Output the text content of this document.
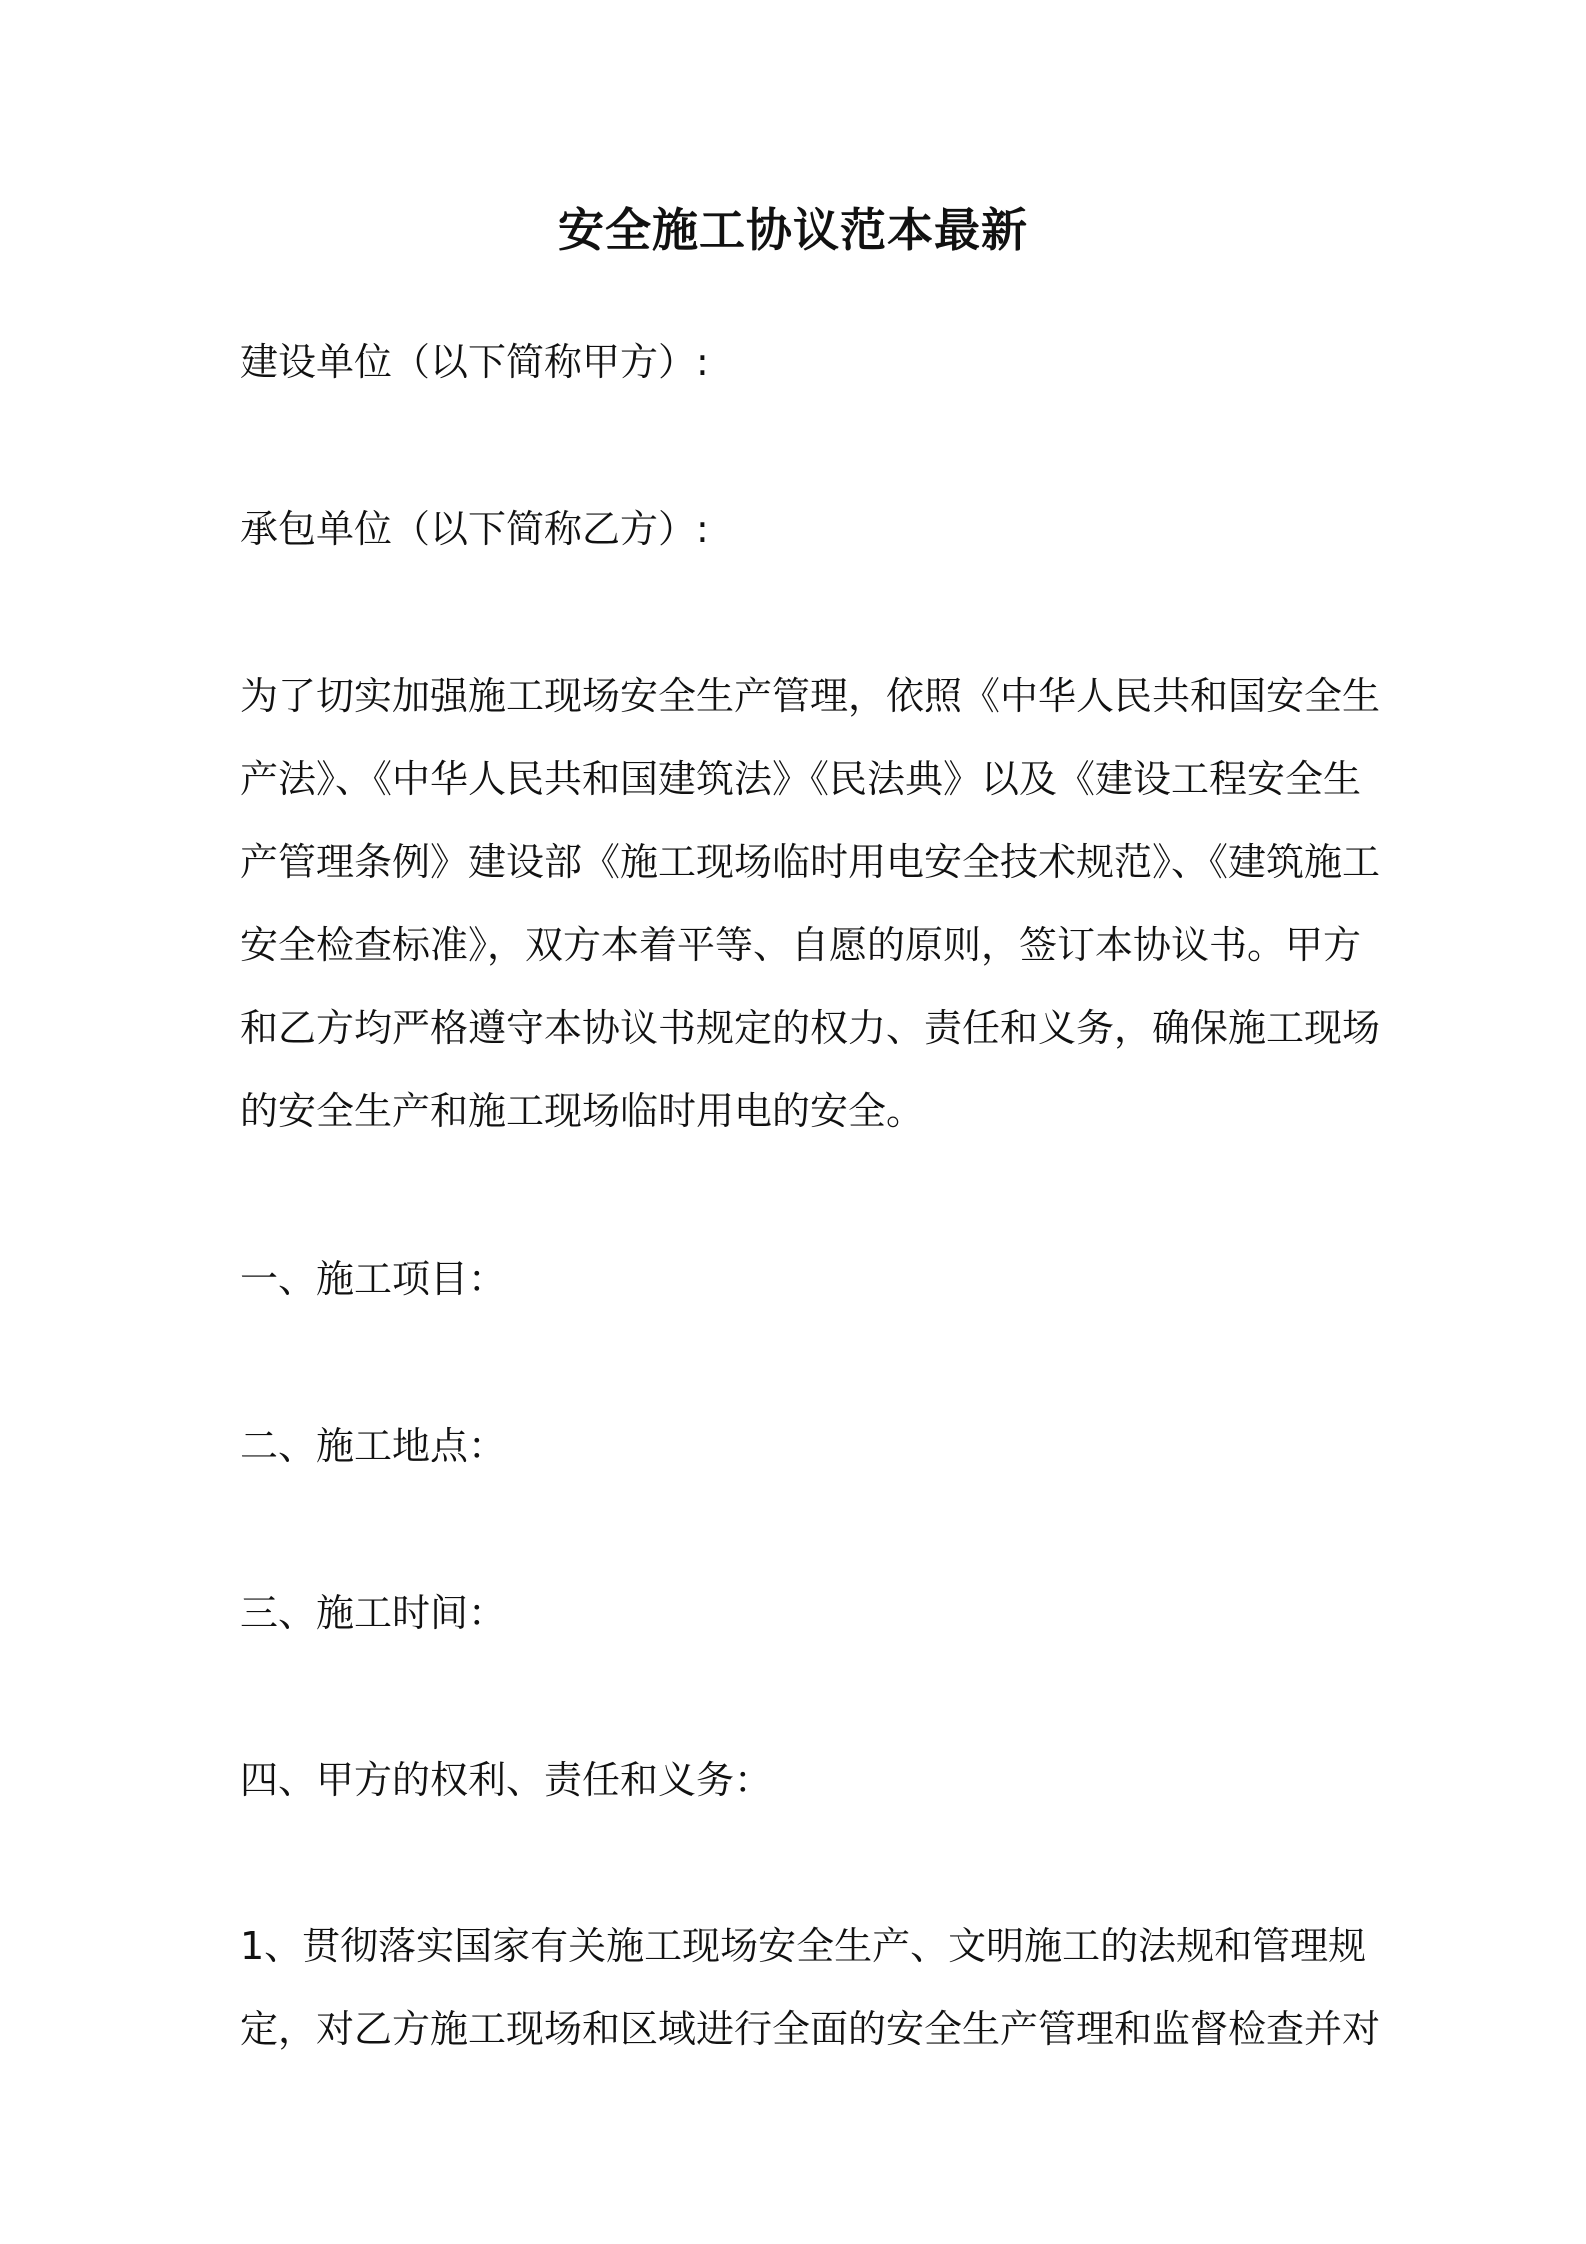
安全施工协议范本最新
建设单位（以下简称甲方）:
承包单位（以下简称乙方）:
为了切实加强施工现场安全生产管理，依照《中华人民共和国安全生
产法》、《中华人民共和国建筑法》《民法典》以及《建设工程安全生
产管理条例》建设部《施工现场临时用电安全技术规范》、《建筑施工
安全检查标准》，双方本着平等、自愿的原则，签订本协议书。甲方
和乙方均严格遵守本协议书规定的权力、责任和义务，确保施工现场
的安全生产和施工现场临时用电的安全。
一、施工项目：
二、施工地点：
三、施工时间：
四、甲方的权利、责任和义务：
1、贯彻落实国家有关施工现场安全生产、文明施工的法规和管理规
定，对乙方施工现场和区域进行全面的安全生产管理和监督检查并对
